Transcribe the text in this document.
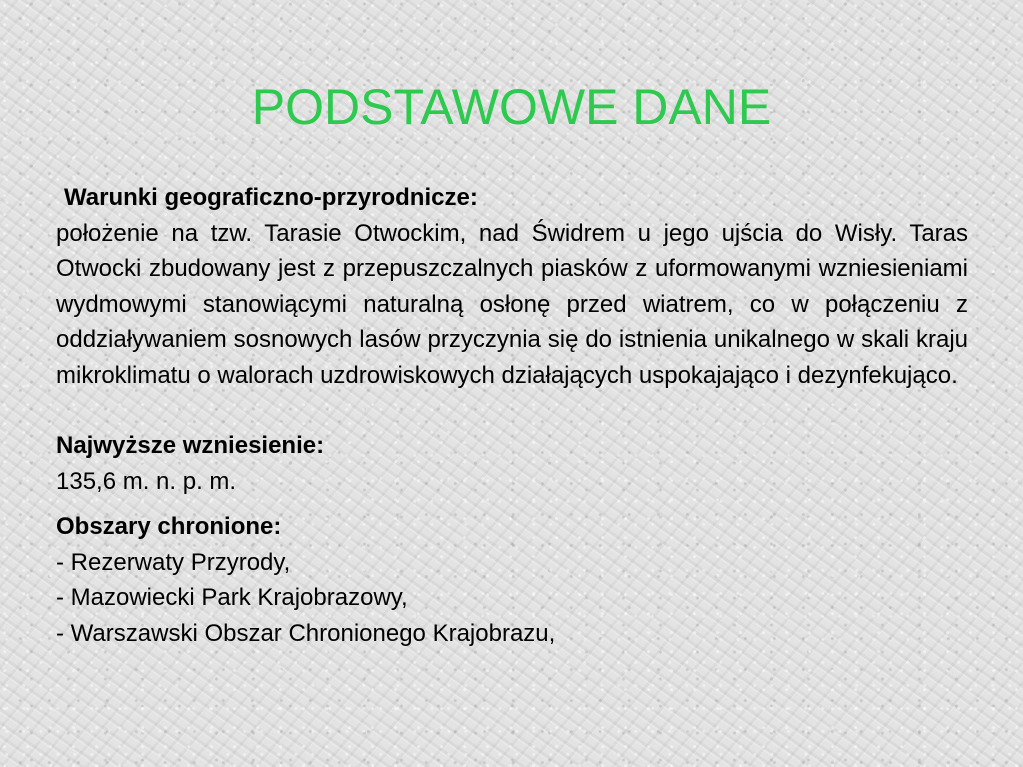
PODSTAWOWE DANE
Warunki geograficzno-przyrodnicze:

położenie na tzw. Tarasie Otwockim, nad Świdrem u jego ujścia do Wisły. Taras Otwocki zbudowany jest z przepuszczalnych piasków z uformowanymi wzniesieniami wydmowymi stanowiącymi naturalną osłonę przed wiatrem, co w połączeniu z oddziaływaniem sosnowych lasów przyczynia się do istnienia unikalnego w skali kraju mikroklimatu o walorach uzdrowiskowych działających uspokajająco i dezynfekująco.

Najwyższe wzniesienie:
135,6 m. n. p. m.
Obszary chronione:
- Rezerwaty Przyrody,
- Mazowiecki Park Krajobrazowy,
- Warszawski Obszar Chronionego Krajobrazu,
